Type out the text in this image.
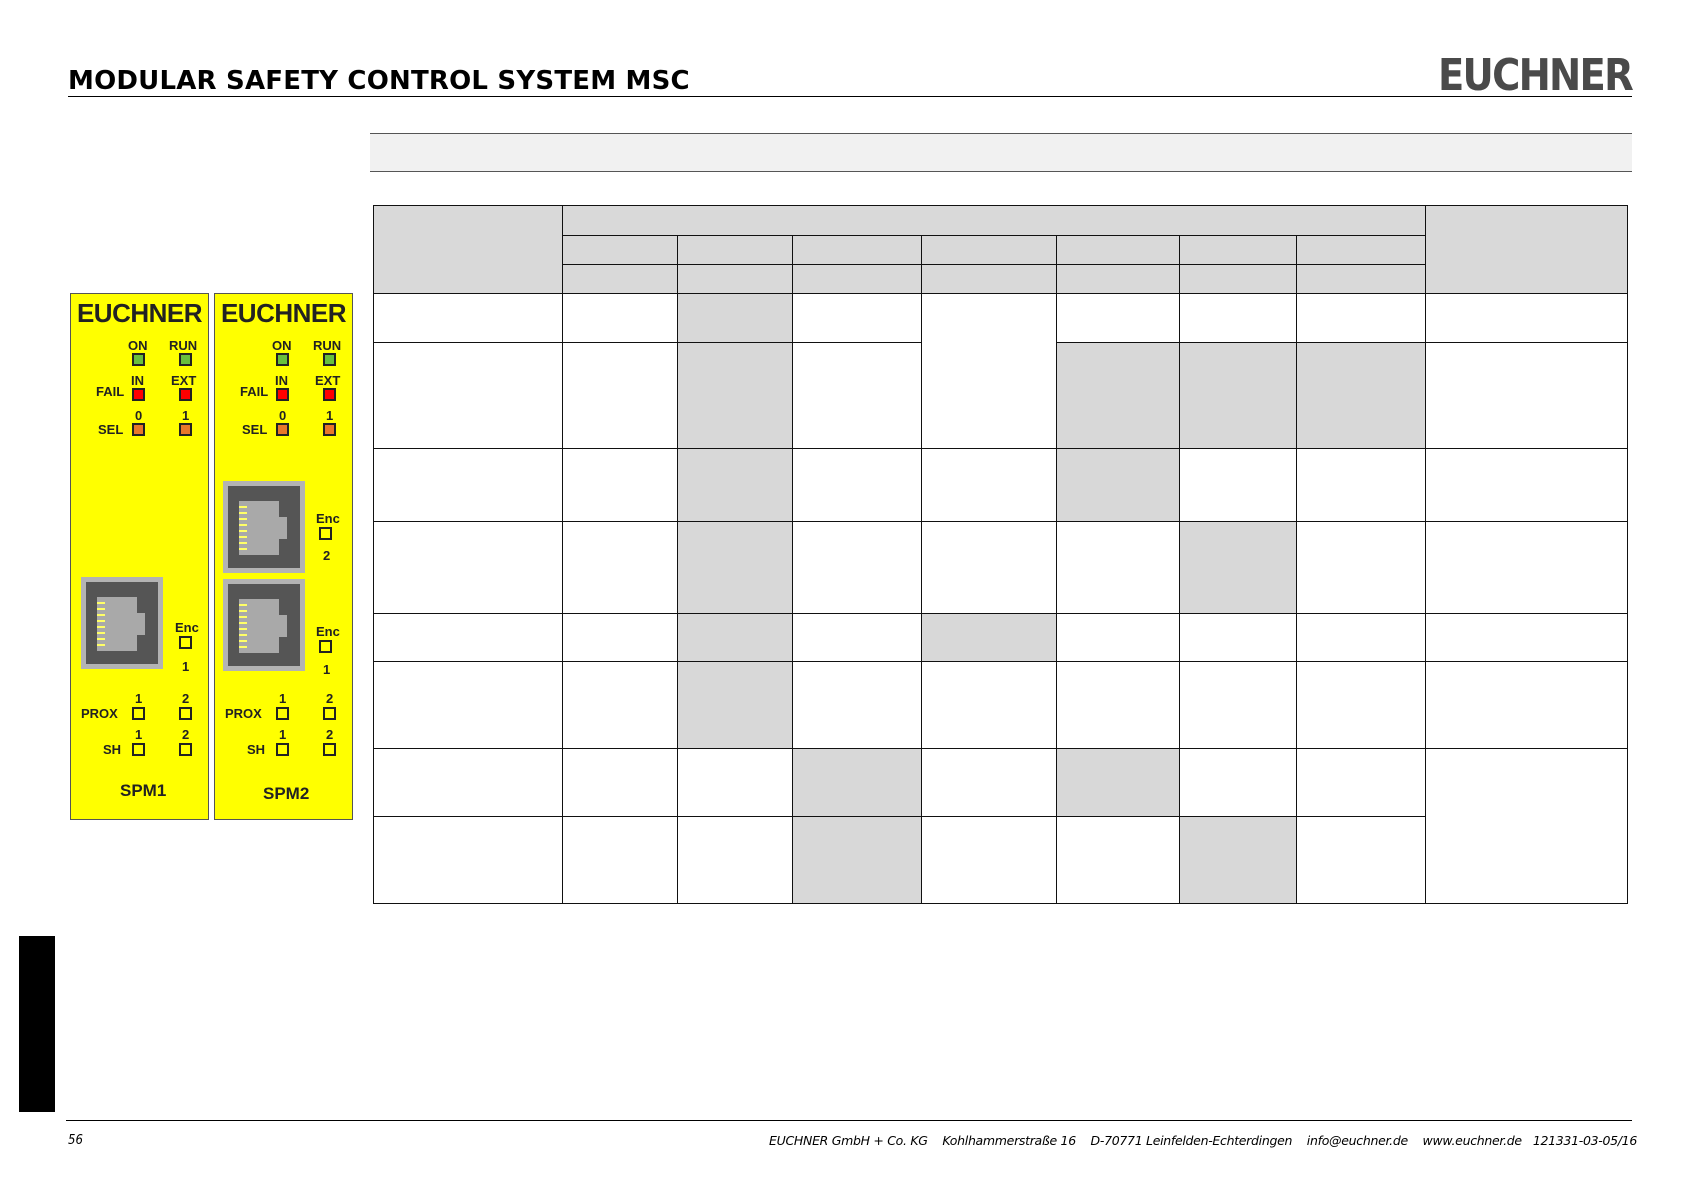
MODULAR SAFETY CONTROL SYSTEM MSC	EUCHNER

EUCHNER
ON RUN
IN EXT
FAIL
0	1
SEL
Enc
1
1	2
PROX
1	2
SH
SPM1
EUCHNER
ON RUN
IN EXT
FAIL
0	1
SEL
Enc
2
Enc
1
1	2
PROX
1	2
SH
SPM2

56	EUCHNER GmbH + Co. KG    Kohlhammerstraße 16    D-70771 Leinfelden-Echterdingen    info@euchner.de    www.euchner.de   121331-03-05/16
